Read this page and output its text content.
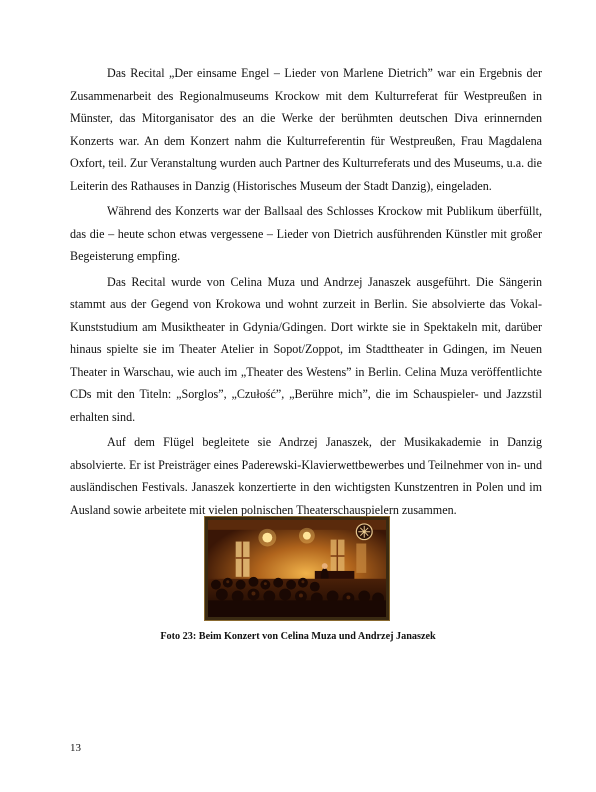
Das Recital „Der einsame Engel – Lieder von Marlene Dietrich” war ein Ergebnis der Zusammenarbeit des Regionalmuseums Krockow mit dem Kulturreferat für Westpreußen in Münster, das Mitorganisator des an die Werke der berühmten deutschen Diva erinnernden Konzerts war. An dem Konzert nahm die Kulturreferentin für Westpreußen, Frau Magdalena Oxfort, teil. Zur Veranstaltung wurden auch Partner des Kulturreferats und des Museums, u.a. die Leiterin des Rathauses in Danzig (Historisches Museum der Stadt Danzig), eingeladen.

Während des Konzerts war der Ballsaal des Schlosses Krockow mit Publikum überfüllt, das die – heute schon etwas vergessene – Lieder von Dietrich ausführenden Künstler mit großer Begeisterung empfing.

Das Recital wurde von Celina Muza und Andrzej Janaszek ausgeführt. Die Sängerin stammt aus der Gegend von Krokowa und wohnt zurzeit in Berlin. Sie absolvierte das Vokal-Kunststudium am Musiktheater in Gdynia/Gdingen. Dort wirkte sie in Spektakeln mit, darüber hinaus spielte sie im Theater Atelier in Sopot/Zoppot, im Stadttheater in Gdingen, im Neuen Theater in Warschau, wie auch im „Theater des Westens” in Berlin. Celina Muza veröffentlichte CDs mit den Titeln: „Sorglos”, „Czułość”, „Berühre mich”, die im Schauspieler- und Jazzstil erhalten sind.

Auf dem Flügel begleitete sie Andrzej Janaszek, der Musikakademie in Danzig absolvierte. Er ist Preisträger eines Paderewski-Klavierwettbewerbes und Teilnehmer von in- und ausländischen Festivals. Janaszek konzertierte in den wichtigsten Kunstzentren in Polen und im Ausland sowie arbeitete mit vielen polnischen Theaterschauspielern zusammen.

Foto 23: Beim Konzert von Celina Muza und Andrzej Janaszek
13
